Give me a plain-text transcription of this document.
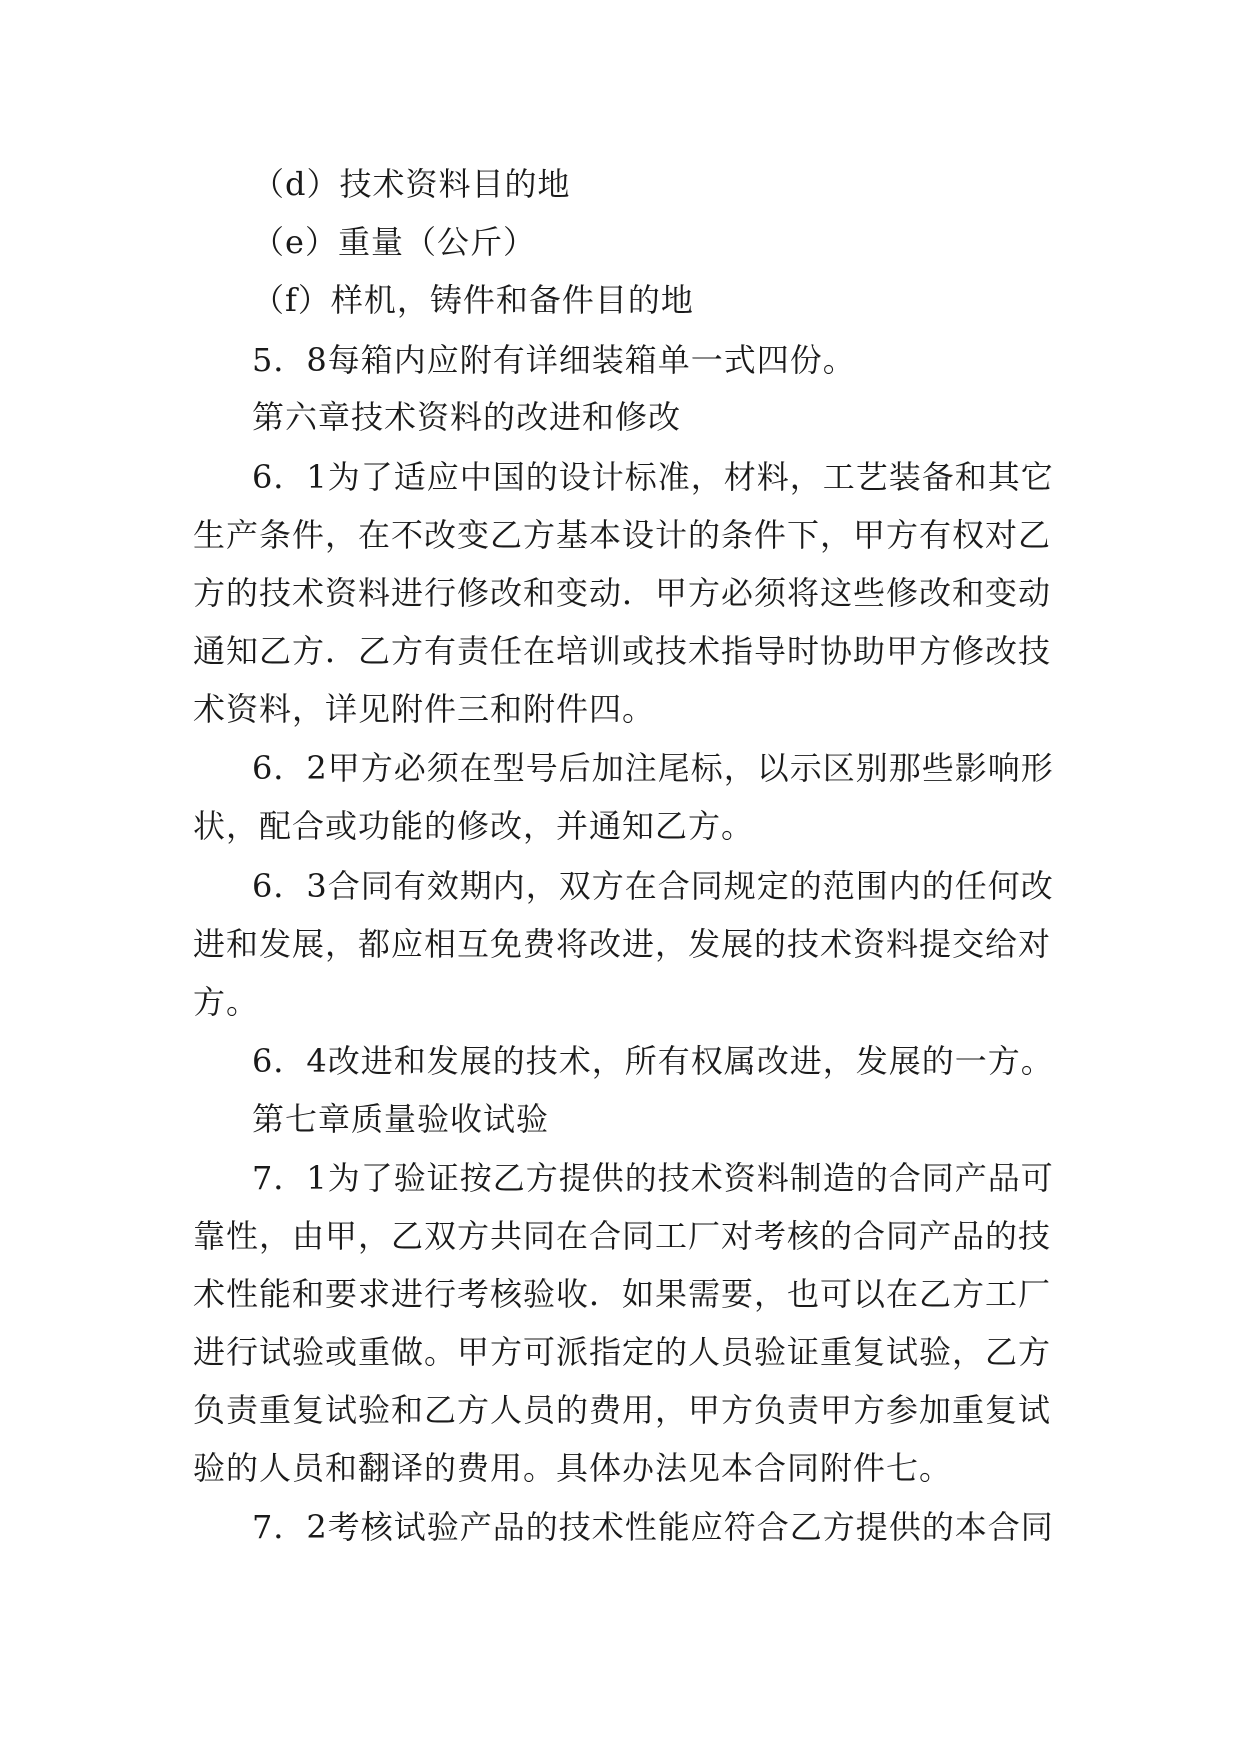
（d）技术资料目的地
（e）重量（公斤）
（f）样机，铸件和备件目的地
5．8每箱内应附有详细装箱单一式四份。
第六章技术资料的改进和修改
6．1为了适应中国的设计标准，材料，工艺装备和其它
生产条件，在不改变乙方基本设计的条件下，甲方有权对乙
方的技术资料进行修改和变动．甲方必须将这些修改和变动
通知乙方．乙方有责任在培训或技术指导时协助甲方修改技
术资料，详见附件三和附件四。
6．2甲方必须在型号后加注尾标，以示区别那些影响形
状，配合或功能的修改，并通知乙方。
6．3合同有效期内，双方在合同规定的范围内的任何改
进和发展，都应相互免费将改进，发展的技术资料提交给对
方。
6．4改进和发展的技术，所有权属改进，发展的一方。
第七章质量验收试验
7．1为了验证按乙方提供的技术资料制造的合同产品可
靠性，由甲，乙双方共同在合同工厂对考核的合同产品的技
术性能和要求进行考核验收．如果需要，也可以在乙方工厂
进行试验或重做。甲方可派指定的人员验证重复试验，乙方
负责重复试验和乙方人员的费用，甲方负责甲方参加重复试
验的人员和翻译的费用。具体办法见本合同附件七。
7．2考核试验产品的技术性能应符合乙方提供的本合同
